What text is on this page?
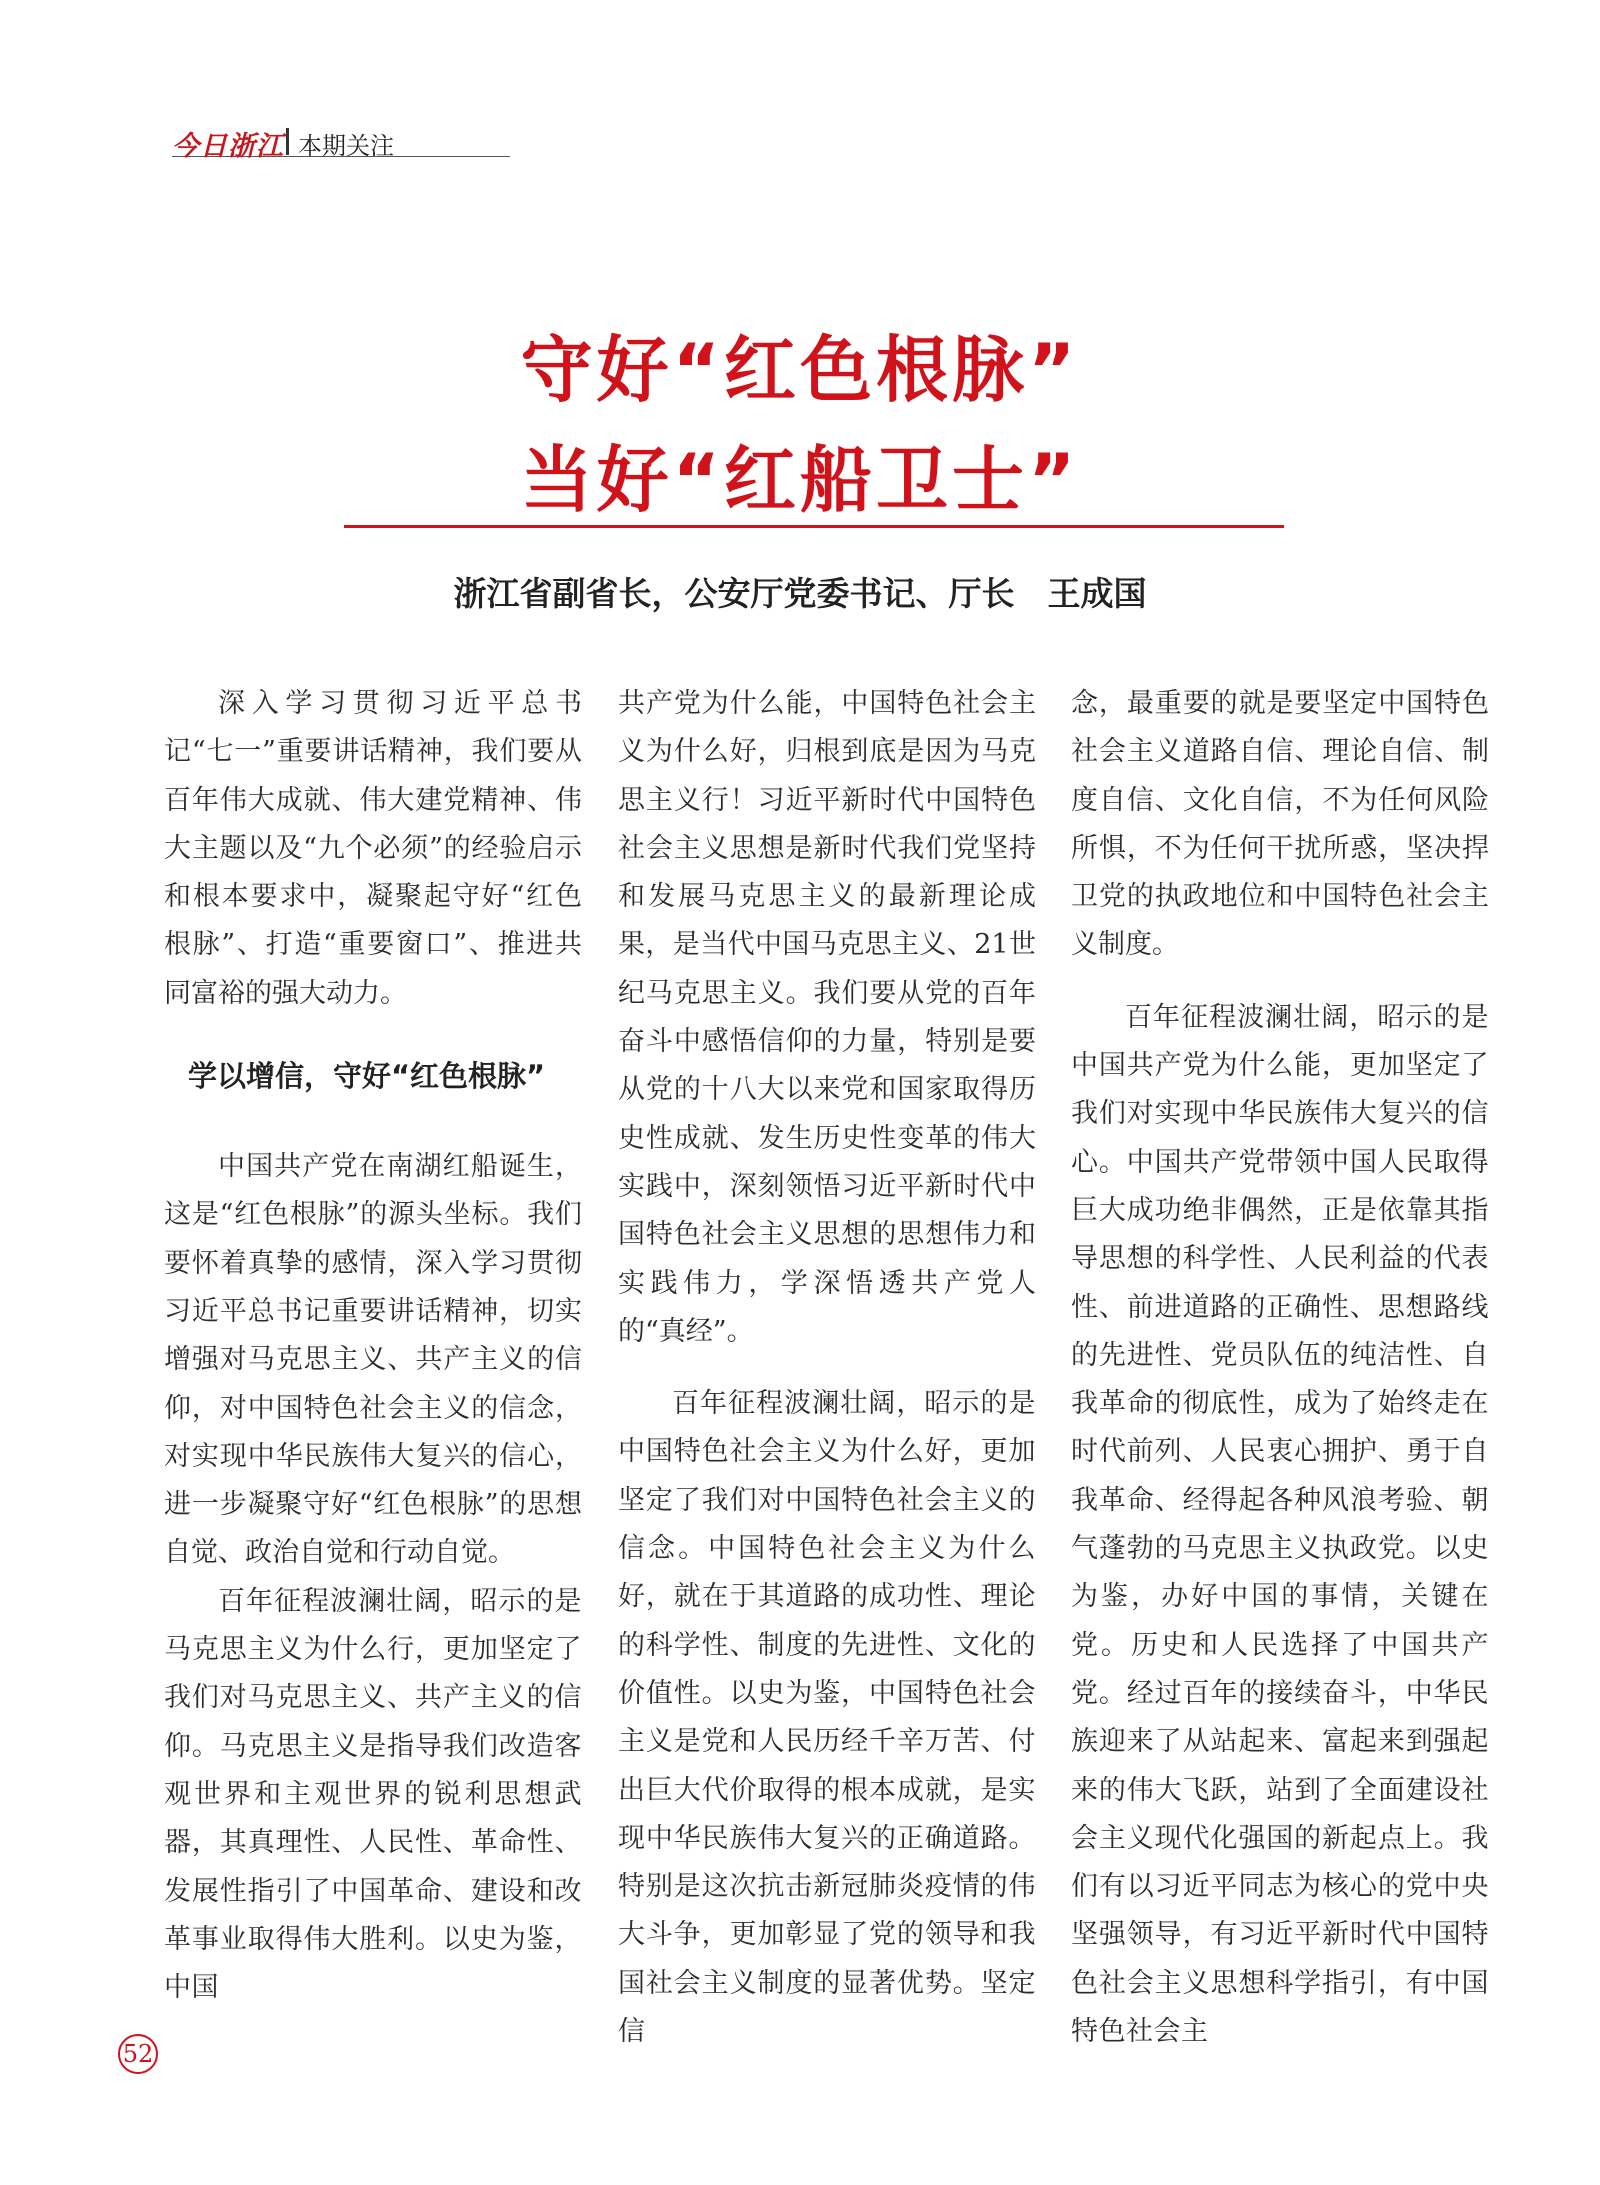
今日浙江 本期关注
守好“红色根脉”
当好“红船卫士”
浙江省副省长，公安厅党委书记、厅长　王成国

深入学习贯彻习近平总书记“七一”重要讲话精神，我们要从百年伟大成就、伟大建党精神、伟大主题以及“九个必须”的经验启示和根本要求中，凝聚起守好“红色根脉”、打造“重要窗口”、推进共同富裕的强大动力。

学以增信，守好“红色根脉”

中国共产党在南湖红船诞生，这是“红色根脉”的源头坐标。我们要怀着真挚的感情，深入学习贯彻习近平总书记重要讲话精神，切实增强对马克思主义、共产主义的信仰，对中国特色社会主义的信念，对实现中华民族伟大复兴的信心，进一步凝聚守好“红色根脉”的思想自觉、政治自觉和行动自觉。

百年征程波澜壮阔，昭示的是马克思主义为什么行，更加坚定了我们对马克思主义、共产主义的信仰。马克思主义是指导我们改造客观世界和主观世界的锐利思想武器，其真理性、人民性、革命性、发展性指引了中国革命、建设和改革事业取得伟大胜利。以史为鉴，中国

共产党为什么能，中国特色社会主义为什么好，归根到底是因为马克思主义行！习近平新时代中国特色社会主义思想是新时代我们党坚持和发展马克思主义的最新理论成果，是当代中国马克思主义、21世纪马克思主义。我们要从党的百年奋斗中感悟信仰的力量，特别是要从党的十八大以来党和国家取得历史性成就、发生历史性变革的伟大实践中，深刻领悟习近平新时代中国特色社会主义思想的思想伟力和实践伟力，学深悟透共产党人的“真经”。

百年征程波澜壮阔，昭示的是中国特色社会主义为什么好，更加坚定了我们对中国特色社会主义的信念。中国特色社会主义为什么好，就在于其道路的成功性、理论的科学性、制度的先进性、文化的价值性。以史为鉴，中国特色社会主义是党和人民历经千辛万苦、付出巨大代价取得的根本成就，是实现中华民族伟大复兴的正确道路。特别是这次抗击新冠肺炎疫情的伟大斗争，更加彰显了党的领导和我国社会主义制度的显著优势。坚定信

念，最重要的就是要坚定中国特色社会主义道路自信、理论自信、制度自信、文化自信，不为任何风险所惧，不为任何干扰所惑，坚决捍卫党的执政地位和中国特色社会主义制度。

百年征程波澜壮阔，昭示的是中国共产党为什么能，更加坚定了我们对实现中华民族伟大复兴的信心。中国共产党带领中国人民取得巨大成功绝非偶然，正是依靠其指导思想的科学性、人民利益的代表性、前进道路的正确性、思想路线的先进性、党员队伍的纯洁性、自我革命的彻底性，成为了始终走在时代前列、人民衷心拥护、勇于自我革命、经得起各种风浪考验、朝气蓬勃的马克思主义执政党。以史为鉴，办好中国的事情，关键在党。历史和人民选择了中国共产党。经过百年的接续奋斗，中华民族迎来了从站起来、富起来到强起来的伟大飞跃，站到了全面建设社会主义现代化强国的新起点上。我们有以习近平同志为核心的党中央坚强领导，有习近平新时代中国特色社会主义思想科学指引，有中国特色社会主

52
